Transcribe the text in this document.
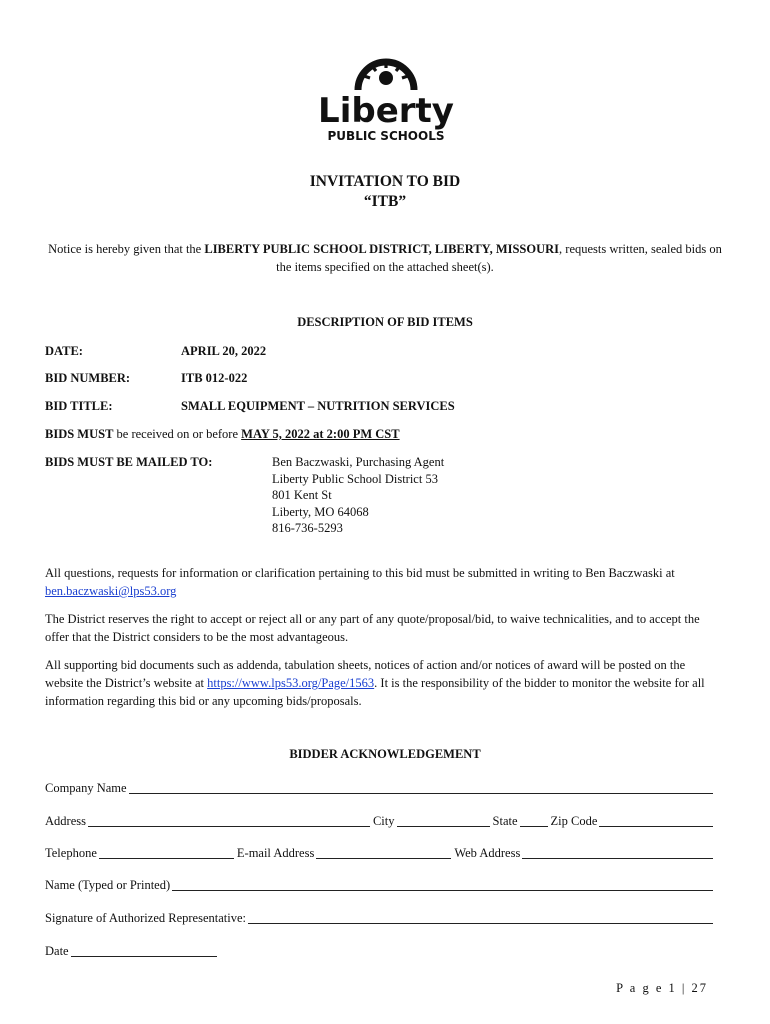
Liberty
PUBLIC SCHOOLS
INVITATION TO BID
“ITB”
Notice is hereby given that the LIBERTY PUBLIC SCHOOL DISTRICT, LIBERTY, MISSOURI, requests written, sealed bids on the items specified on the attached sheet(s).
DESCRIPTION OF BID ITEMS
DATE:	APRIL 20, 2022
BID NUMBER:	ITB 012-022
BID TITLE:	SMALL EQUIPMENT – NUTRITION SERVICES
BIDS MUST be received on or before MAY 5, 2022 at 2:00 PM CST
BIDS MUST BE MAILED TO:	Ben Baczwaski, Purchasing Agent
Liberty Public School District 53
801 Kent St
Liberty, MO 64068
816-736-5293
All questions, requests for information or clarification pertaining to this bid must be submitted in writing to Ben Baczwaski at ben.baczwaski@lps53.org
The District reserves the right to accept or reject all or any part of any quote/proposal/bid, to waive technicalities, and to accept the offer that the District considers to be the most advantageous.
All supporting bid documents such as addenda, tabulation sheets, notices of action and/or notices of award will be posted on the website the District’s website at https://www.lps53.org/Page/1563. It is the responsibility of the bidder to monitor the website for all information regarding this bid or any upcoming bids/proposals.
BIDDER ACKNOWLEDGEMENT
Company Name
Address	City	State	Zip Code
Telephone	E-mail Address	Web Address
Name (Typed or Printed)
Signature of Authorized Representative:
Date
P a g e 1 | 27
